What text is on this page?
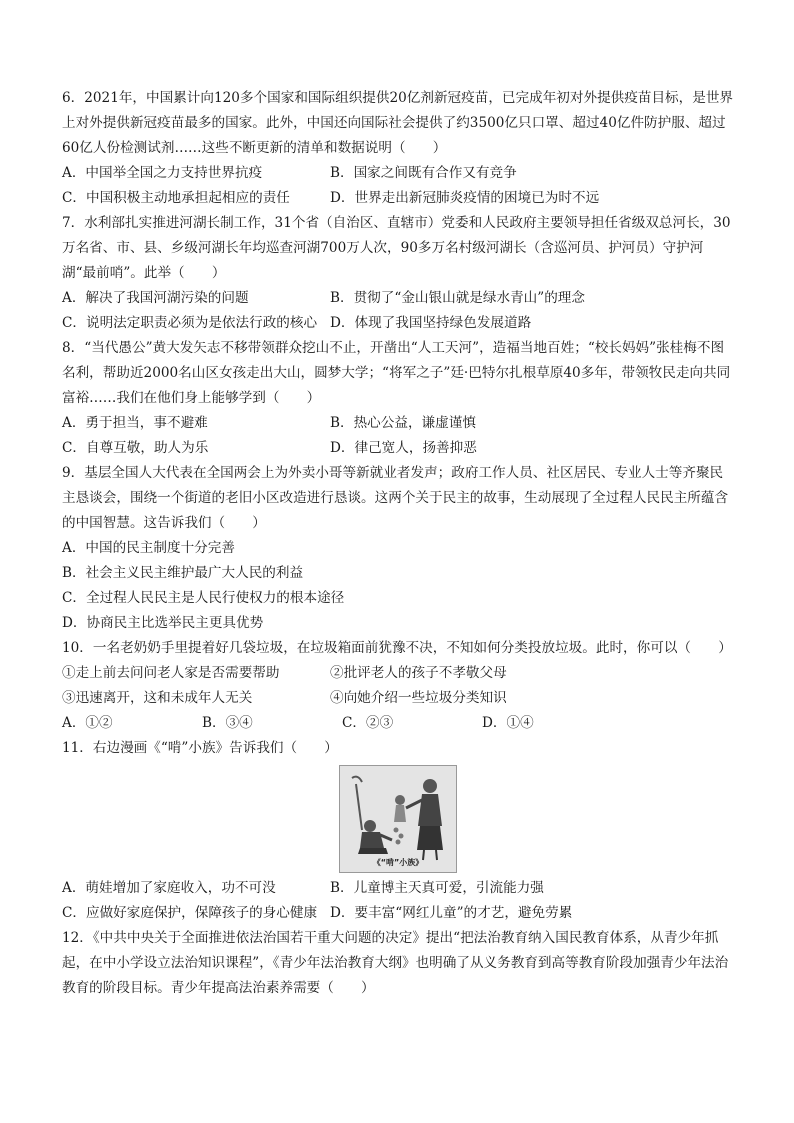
6．2021年，中国累计向120多个国家和国际组织提供20亿剂新冠疫苗，已完成年初对外提供疫苗目标，是世界上对外提供新冠疫苗最多的国家。此外，中国还向国际社会提供了约3500亿只口罩、超过40亿件防护服、超过60亿人份检测试剂……这些不断更新的清单和数据说明（　　）

A．中国举全国之力支持世界抗疫	B．国家之间既有合作又有竞争
C．中国积极主动地承担起相应的责任	D．世界走出新冠肺炎疫情的困境已为时不远

7．水利部扎实推进河湖长制工作，31个省（自治区、直辖市）党委和人民政府主要领导担任省级双总河长，30万名省、市、县、乡级河湖长年均巡查河湖700万人次，90多万名村级河湖长（含巡河员、护河员）守护河湖“最前哨”。此举（　　）

A．解决了我国河湖污染的问题	B．贯彻了“金山银山就是绿水青山”的理念
C．说明法定职责必须为是依法行政的核心 D．体现了我国坚持绿色发展道路

8．“当代愚公”黄大发矢志不移带领群众挖山不止，开凿出“人工天河”，造福当地百姓；“校长妈妈”张桂梅不图名利，帮助近2000名山区女孩走出大山，圆梦大学；“将军之子”廷·巴特尔扎根草原40多年，带领牧民走向共同富裕……我们在他们身上能够学到（　　）

A．勇于担当，事不避难	B．热心公益，谦虚谨慎
C．自尊互敬，助人为乐	D．律己宽人，扬善抑恶

9．基层全国人大代表在全国两会上为外卖小哥等新就业者发声；政府工作人员、社区居民、专业人士等齐聚民主恳谈会，围绕一个街道的老旧小区改造进行恳谈。这两个关于民主的故事，生动展现了全过程人民民主所蕴含的中国智慧。这告诉我们（　　）

A．中国的民主制度十分完善

B．社会主义民主维护最广大人民的利益

C．全过程人民民主是人民行使权力的根本途径

D．协商民主比选举民主更具优势

10．一名老奶奶手里提着好几袋垃圾，在垃圾箱面前犹豫不决，不知如何分类投放垃圾。此时，你可以（　　）

①走上前去问问老人家是否需要帮助	②批评老人的孩子不孝敬父母
③迅速离开，这和未成年人无关	④向她介绍一些垃圾分类知识
A．①②	B．③④	C．②③	D．①④

11．右边漫画《“啃”小族》告诉我们（　　）

《“啃”小族》
A．萌娃增加了家庭收入，功不可没	B．儿童博主天真可爱，引流能力强
C．应做好家庭保护，保障孩子的身心健康 D．要丰富“网红儿童”的才艺，避免劳累

12．《中共中央关于全面推进依法治国若干重大问题的决定》提出“把法治教育纳入国民教育体系，从青少年抓起，在中小学设立法治知识课程”，《青少年法治教育大纲》也明确了从义务教育到高等教育阶段加强青少年法治教育的阶段目标。青少年提高法治素养需要（　　）
